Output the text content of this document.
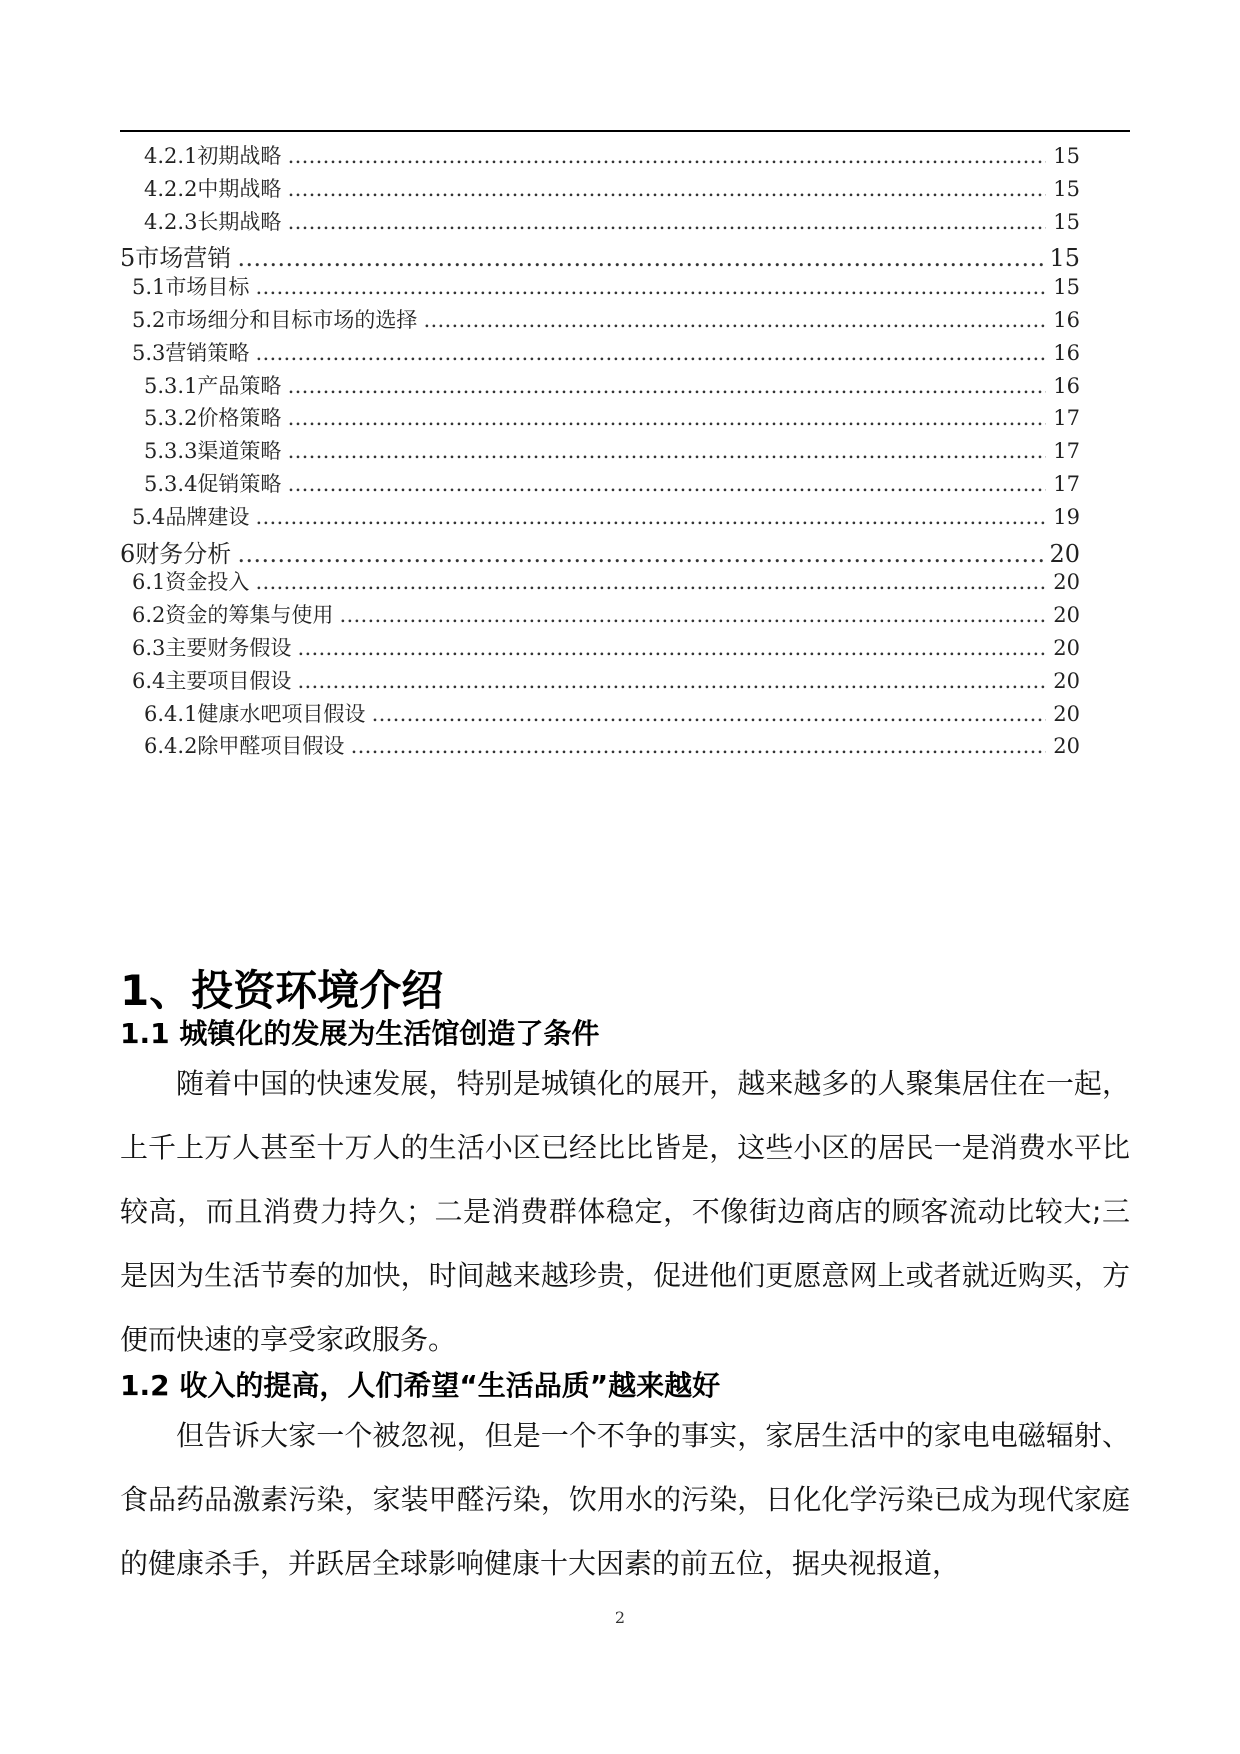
4.2.1初期战略 ……………………………………………………………………………………………………………………………………………………………………………………………………………………………………………………………………	15
4.2.2中期战略 ……………………………………………………………………………………………………………………………………………………………………………………………………………………………………………………………………	15
4.2.3长期战略 ……………………………………………………………………………………………………………………………………………………………………………………………………………………………………………………………………	15
5市场营销 ……………………………………………………………………………………………………………………………………………………………………………………………………………………………………………………………………	15
5.1市场目标 ……………………………………………………………………………………………………………………………………………………………………………………………………………………………………………………………………	15
5.2市场细分和目标市场的选择 ……………………………………………………………………………………………………………………………………………………………………………………………………………………………………………………………………	16
5.3营销策略 ……………………………………………………………………………………………………………………………………………………………………………………………………………………………………………………………………	16
5.3.1产品策略 ……………………………………………………………………………………………………………………………………………………………………………………………………………………………………………………………………	16
5.3.2价格策略 ……………………………………………………………………………………………………………………………………………………………………………………………………………………………………………………………………	17
5.3.3渠道策略 ……………………………………………………………………………………………………………………………………………………………………………………………………………………………………………………………………	17
5.3.4促销策略 ……………………………………………………………………………………………………………………………………………………………………………………………………………………………………………………………………	17
5.4品牌建设 ……………………………………………………………………………………………………………………………………………………………………………………………………………………………………………………………………	19
6财务分析 ……………………………………………………………………………………………………………………………………………………………………………………………………………………………………………………………………	20
6.1资金投入 ……………………………………………………………………………………………………………………………………………………………………………………………………………………………………………………………………	20
6.2资金的筹集与使用 ……………………………………………………………………………………………………………………………………………………………………………………………………………………………………………………………………	20
6.3主要财务假设 ……………………………………………………………………………………………………………………………………………………………………………………………………………………………………………………………………	20
6.4主要项目假设 ……………………………………………………………………………………………………………………………………………………………………………………………………………………………………………………………………	20
6.4.1健康水吧项目假设 ……………………………………………………………………………………………………………………………………………………………………………………………………………………………………………………………………	20
6.4.2除甲醛项目假设 ……………………………………………………………………………………………………………………………………………………………………………………………………………………………………………………………………	20
1、投资环境介绍
1.1 城镇化的发展为生活馆创造了条件
随着中国的快速发展，特别是城镇化的展开，越来越多的人聚集居住在一起，上千上万人甚至十万人的生活小区已经比比皆是，这些小区的居民一是消费水平比较高，而且消费力持久；二是消费群体稳定，不像街边商店的顾客流动比较大;三是因为生活节奏的加快，时间越来越珍贵，促进他们更愿意网上或者就近购买，方便而快速的享受家政服务。
1.2 收入的提高，人们希望“生活品质”越来越好
但告诉大家一个被忽视，但是一个不争的事实，家居生活中的家电电磁辐射、食品药品激素污染，家装甲醛污染，饮用水的污染，日化化学污染已成为现代家庭的健康杀手，并跃居全球影响健康十大因素的前五位，据央视报道，
2
